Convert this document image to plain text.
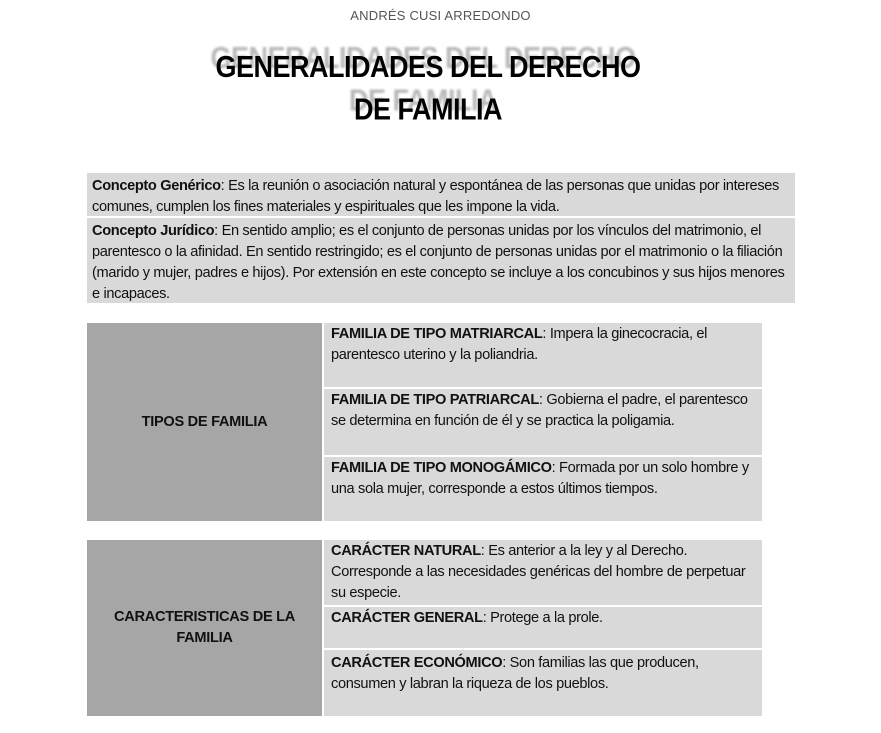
ANDRÉS CUSI ARREDONDO
GENERALIDADES DEL DERECHO
DE FAMILIA
Concepto Genérico: Es la reunión o asociación natural y espontánea de las personas que unidas por intereses comunes, cumplen los fines materiales y espirituales que les impone la vida.
Concepto Jurídico: En sentido amplio; es el conjunto de personas unidas por los vínculos del matrimonio, el parentesco o la afinidad. En sentido restringido; es el conjunto de personas unidas por el matrimonio o la filiación (marido y mujer, padres e hijos). Por extensión en este concepto se incluye a los concubinos y sus hijos menores e incapaces.
TIPOS DE FAMILIA
FAMILIA DE TIPO MATRIARCAL: Impera la ginecocracia, el parentesco uterino y la poliandria.
FAMILIA DE TIPO PATRIARCAL: Gobierna el padre, el parentesco se determina en función de él y se practica la poligamia.
FAMILIA DE TIPO MONOGÁMICO: Formada por un solo hombre y una sola mujer, corresponde a estos últimos tiempos.
CARACTERISTICAS DE LA FAMILIA
CARÁCTER NATURAL: Es anterior a la ley y al Derecho. Corresponde a las necesidades genéricas del hombre de perpetuar su especie.
CARÁCTER GENERAL: Protege a la prole.
CARÁCTER ECONÓMICO: Son familias las que producen, consumen y labran la riqueza de los pueblos.
